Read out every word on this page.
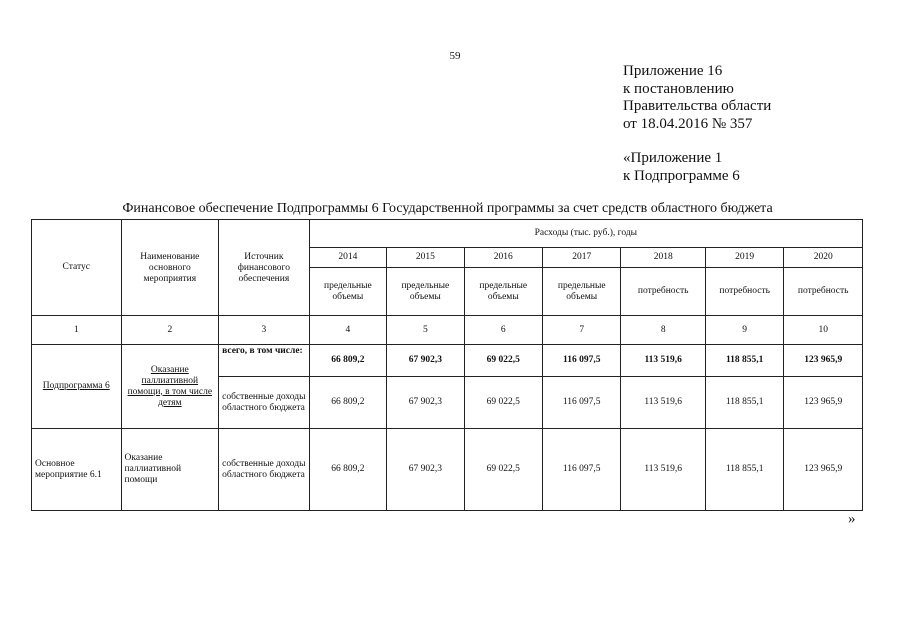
59
Приложение 16
к постановлению
Правительства области
от 18.04.2016 № 357
«Приложение 1
к Подпрограмме 6
Финансовое обеспечение Подпрограммы 6 Государственной программы за счет средств областного бюджета
Статус	Наименование основного мероприятия	Источник финансового обеспечения	Расходы (тыс. руб.), годы						
			2014	2015	2016	2017	2018	2019	2020
			предельные объемы	предельные объемы	предельные объемы	предельные объемы	потребность	потребность	потребность
1	2	3	4	5	6	7	8	9	10
Подпрограмма 6	Оказание паллиативной помощи, в том числе детям	всего, в том числе:	66 809,2	67 902,3	69 022,5	116 097,5	113 519,6	118 855,1	123 965,9
		собственные доходы областного бюджета	66 809,2	67 902,3	69 022,5	116 097,5	113 519,6	118 855,1	123 965,9
Основное мероприятие 6.1	Оказание паллиативной помощи	собственные доходы областного бюджета	66 809,2	67 902,3	69 022,5	116 097,5	113 519,6	118 855,1	123 965,9
»
